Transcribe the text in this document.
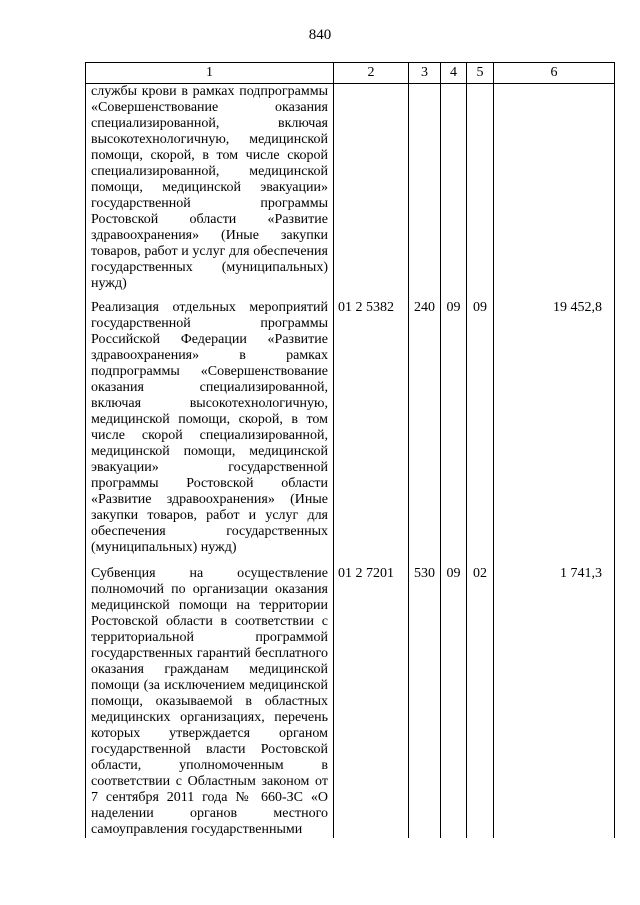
840
1	2	3	4	5	6
службы крови в рамках подпрограммы «Совершенствование оказания специализированной, включая высокотехнологичную, медицинской помощи, скорой, в том числе скорой специализированной, медицинской помощи, медицинской эвакуации» государственной программы Ростовской области «Развитие здравоохранения» (Иные закупки товаров, работ и услуг для обеспечения государственных (муниципальных) нужд)					
Реализация отдельных мероприятий государственной программы Российской Федерации «Развитие здравоохранения» в рамках подпрограммы «Совершенствование оказания специализированной, включая высокотехнологичную, медицинской помощи, скорой, в том числе скорой специализированной, медицинской помощи, медицинской эвакуации» государственной программы Ростовской области «Развитие здравоохранения» (Иные закупки товаров, работ и услуг для обеспечения государственных (муниципальных) нужд)	01 2 5382	240	09	09	19 452,8
Субвенция на осуществление полномочий по организации оказания медицинской помощи на территории Ростовской области в соответствии с территориальной программой государственных гарантий бесплатного оказания гражданам медицинской помощи (за исключением медицинской помощи, оказываемой в областных медицинских организациях, перечень которых утверждается органом государственной власти Ростовской области, уполномоченным в соответствии с Областным законом от 7 сентября 2011 года № 660-ЗС «О наделении органов местного самоуправления государственными	01 2 7201	530	09	02	1 741,3
